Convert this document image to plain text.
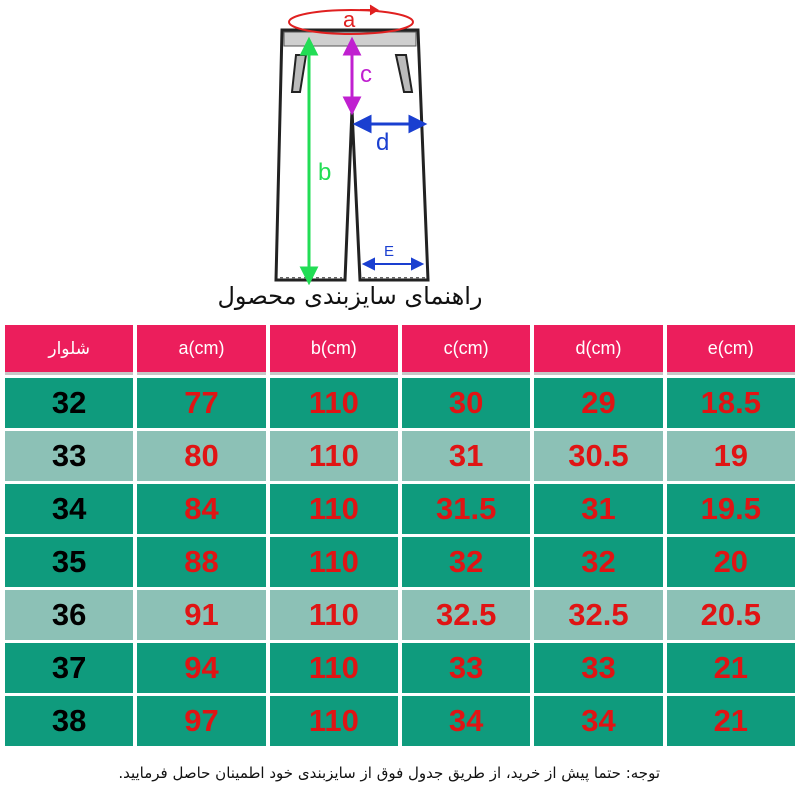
a
b
c
d
E
راهنمای سایزبندی محصول
شلوار	a(cm)	b(cm)	c(cm)	d(cm)	e(cm)
32	77	110	30	29	18.5
33	80	110	31	30.5	19
34	84	110	31.5	31	19.5
35	88	110	32	32	20
36	91	110	32.5	32.5	20.5
37	94	110	33	33	21
38	97	110	34	34	21
توجه: حتما پیش از خرید، از طریق جدول فوق از سایزبندی خود اطمینان حاصل فرمایید.
